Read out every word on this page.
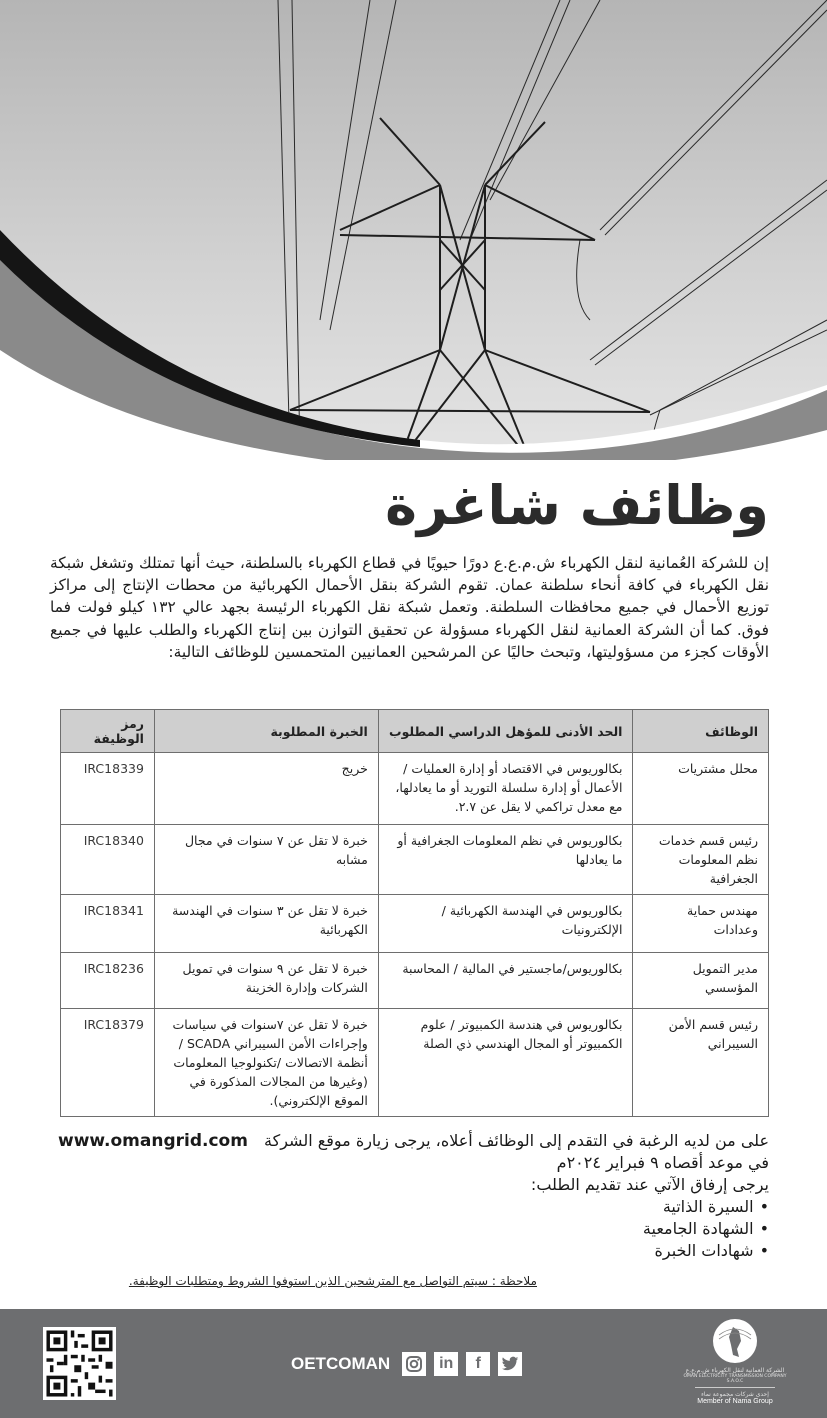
وظائف شاغرة

إن للشركة العُمانية لنقل الكهرباء ش.م.ع.ع دورًا حيويًا في قطاع الكهرباء بالسلطنة، حيث أنها تمتلك وتشغل شبكة نقل الكهرباء في كافة أنحاء سلطنة عمان. تقوم الشركة بنقل الأحمال الكهربائية من محطات الإنتاج إلى مراكز توزيع الأحمال في جميع محافظات السلطنة. وتعمل شبكة نقل الكهرباء الرئيسة بجهد عالي ١٣٢ كيلو فولت فما فوق. كما أن الشركة العمانية لنقل الكهرباء مسؤولة عن تحقيق التوازن بين إنتاج الكهرباء والطلب عليها في جميع الأوقات كجزء من مسؤوليتها، وتبحث حاليًا عن المرشحين العمانيين المتحمسين للوظائف التالية:

الوظائف	الحد الأدنى للمؤهل الدراسي المطلوب	الخبرة المطلوبة	رمز الوظيفة
محلل مشتريات	بكالوريوس في الاقتصاد أو إدارة العمليات /الأعمال أو إدارة سلسلة التوريد أو ما يعادلها، مع معدل تراكمي لا يقل عن ٢.٧.	خريج	IRC18339
رئيس قسم خدمات نظم المعلومات الجغرافية	بكالوريوس في نظم المعلومات الجغرافية أو ما يعادلها	خبرة لا تقل عن ٧ سنوات في مجال مشابه	IRC18340
مهندس حماية وعدادات	بكالوريوس في الهندسة الكهربائية / الإلكترونيات	خبرة لا تقل عن ٣ سنوات في الهندسة الكهربائية	IRC18341
مدير التمويل المؤسسي	بكالوريوس/ماجستير في المالية / المحاسبة	خبرة لا تقل عن ٩ سنوات في تمويل الشركات وإدارة الخزينة	IRC18236
رئيس قسم الأمن السيبراني	بكالوريوس في هندسة الكمبيوتر / علوم الكمبيوتر أو المجال الهندسي ذي الصلة	خبرة لا تقل عن ٧سنوات في سياسات وإجراءات الأمن السيبراني SCADA /أنظمة الاتصالات /تكنولوجيا المعلومات (وغيرها من المجالات المذكورة في الموقع الإلكتروني).	IRC18379
على من لديه الرغبة في التقدم إلى الوظائف أعلاه، يرجى زيارة موقع الشركة
www.omangrid.com
في موعد أقصاه ٩ فبراير ٢٠٢٤م
يرجى إرفاق الآتي عند تقديم الطلب:
• السيرة الذاتية
• الشهادة الجامعية
• شهادات الخبرة
ملاحظة : سيتم التواصل مع المترشحين الذين استوفوا الشروط ومتطلبات الوظيفة.
OETCOMAN	in	f	الشركة العمانية لنقل الكهرباء ش.م.ع.ع
OMAN ELECTRICITY TRANSMISSION COMPANY S.A.O.C
إحدى شركات مجموعة نماء
Member of Nama Group
